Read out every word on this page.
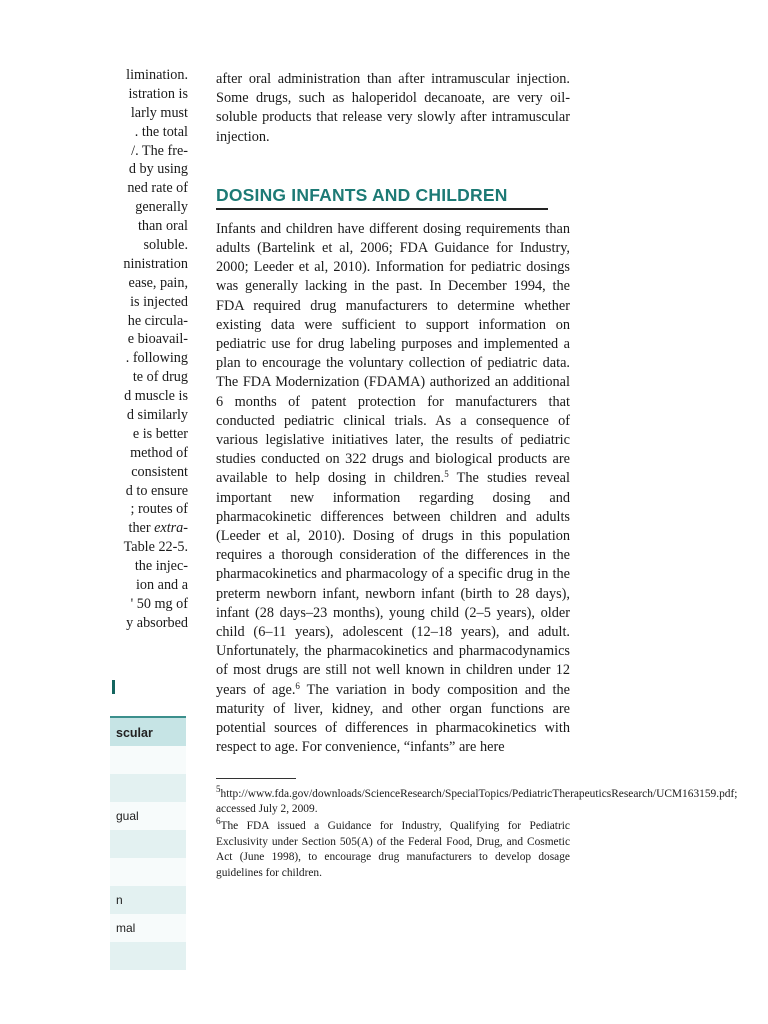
limination.
istration is
larly must
. the total
/. The fre-
d by using
ned rate of
generally
than oral
soluble.
ninistration
ease, pain,
is injected
he circula-
e bioavail-
. following
te of drug
d muscle is
d similarly
e is better
method of
consistent
d to ensure
; routes of
ther extra-
Table 22-5.
the injec-
ion and a
' 50 mg of
y absorbed
scular
gual
n
mal

after oral administration than after intramuscular injection. Some drugs, such as haloperidol decanoate, are very oil-soluble products that release very slowly after intramuscular injection.

DOSING INFANTS AND CHILDREN

Infants and children have different dosing requirements than adults (Bartelink et al, 2006; FDA Guidance for Industry, 2000; Leeder et al, 2010). Information for pediatric dosings was generally lacking in the past. In December 1994, the FDA required drug manufacturers to determine whether existing data were sufficient to support information on pediatric use for drug labeling purposes and implemented a plan to encourage the voluntary collection of pediatric data. The FDA Modernization (FDAMA) authorized an additional 6 months of patent protection for manufacturers that conducted pediatric clinical trials. As a consequence of various legislative initiatives later, the results of pediatric studies conducted on 322 drugs and biological products are available to help dosing in children.$^5$ The studies reveal important new information regarding dosing and pharmacokinetic differences between children and adults (Leeder et al, 2010). Dosing of drugs in this population requires a thorough consideration of the differences in the pharmacokinetics and pharmacology of a specific drug in the preterm newborn infant, newborn infant (birth to 28 days), infant (28 days–23 months), young child (2–5 years), older child (6–11 years), adolescent (12–18 years), and adult. Unfortunately, the pharmacokinetics and pharmacodynamics of most drugs are still not well known in children under 12 years of age.$^6$ The variation in body composition and the maturity of liver, kidney, and other organ functions are potential sources of differences in pharmacokinetics with respect to age. For convenience, “infants” are here

$^5$http://www.fda.gov/downloads/ScienceResearch/SpecialTopics/PediatricTherapeuticsResearch/UCM163159.pdf; accessed July 2, 2009.

$^6$The FDA issued a Guidance for Industry, Qualifying for Pediatric Exclusivity under Section 505(A) of the Federal Food, Drug, and Cosmetic Act (June 1998), to encourage drug manufacturers to develop dosage guidelines for children.
